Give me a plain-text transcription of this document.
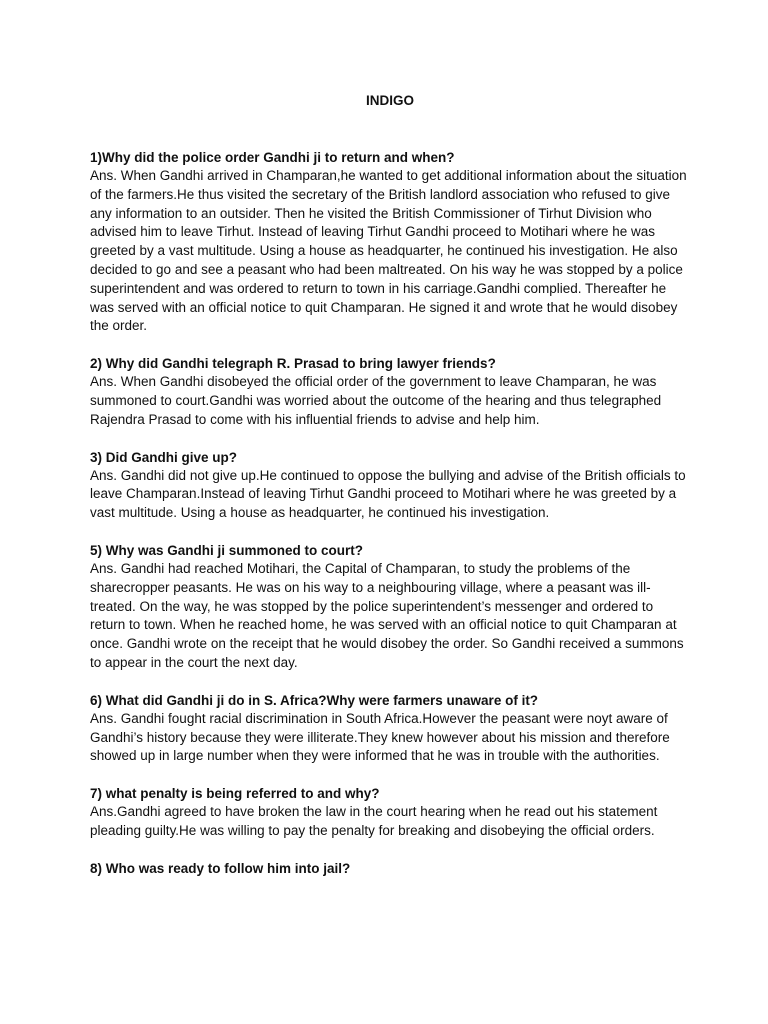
INDIGO

1)Why did the police order Gandhi ji to return and when?

Ans. When Gandhi arrived in Champaran,he wanted to get additional information about the situation of the farmers.He thus visited the secretary of the British landlord association who refused to give any information to an outsider. Then he visited the British Commissioner of Tirhut Division who advised him to leave Tirhut. Instead of leaving Tirhut Gandhi proceed to Motihari where he was greeted by a vast multitude. Using a house as headquarter, he continued his investigation. He also decided to go and see a peasant who had been maltreated. On his way he was stopped by a police superintendent and was ordered to return to town in his carriage.Gandhi complied. Thereafter he was served with an official notice to quit Champaran. He signed it and wrote that he would disobey the order.

2) Why did Gandhi telegraph R. Prasad to bring lawyer friends?

Ans. When Gandhi disobeyed the official order of the government to leave Champaran, he was summoned to court.Gandhi was worried about the outcome of the hearing and thus telegraphed Rajendra Prasad to come with his influential friends to advise and help him.

3) Did Gandhi give up?

Ans. Gandhi did not give up.He continued to oppose the bullying and advise of the British officials to leave Champaran.Instead of leaving Tirhut Gandhi proceed to Motihari where he was greeted by a vast multitude. Using a house as headquarter, he continued his investigation.

5) Why was Gandhi ji summoned to court?

Ans. Gandhi had reached Motihari, the Capital of Champaran, to study the problems of the sharecropper peasants. He was on his way to a neighbouring village, where a peasant was ill-treated. On the way, he was stopped by the police superintendent’s messenger and ordered to return to town. When he reached home, he was served with an official notice to quit Champaran at once. Gandhi wrote on the receipt that he would disobey the order. So Gandhi received a summons to appear in the court the next day.

6) What did Gandhi ji do in S. Africa?Why were farmers unaware of it?

Ans. Gandhi fought racial discrimination in South Africa.However the peasant were noyt aware of Gandhi’s history because they were illiterate.They knew however about his mission and therefore showed up in large number when they were informed that he was in trouble with the authorities.

7) what penalty is being referred to and why?

Ans.Gandhi agreed to have broken the law in the court hearing when he read out his statement pleading guilty.He was willing to pay the penalty for breaking and disobeying the official orders.

8) Who was ready to follow him into jail?
